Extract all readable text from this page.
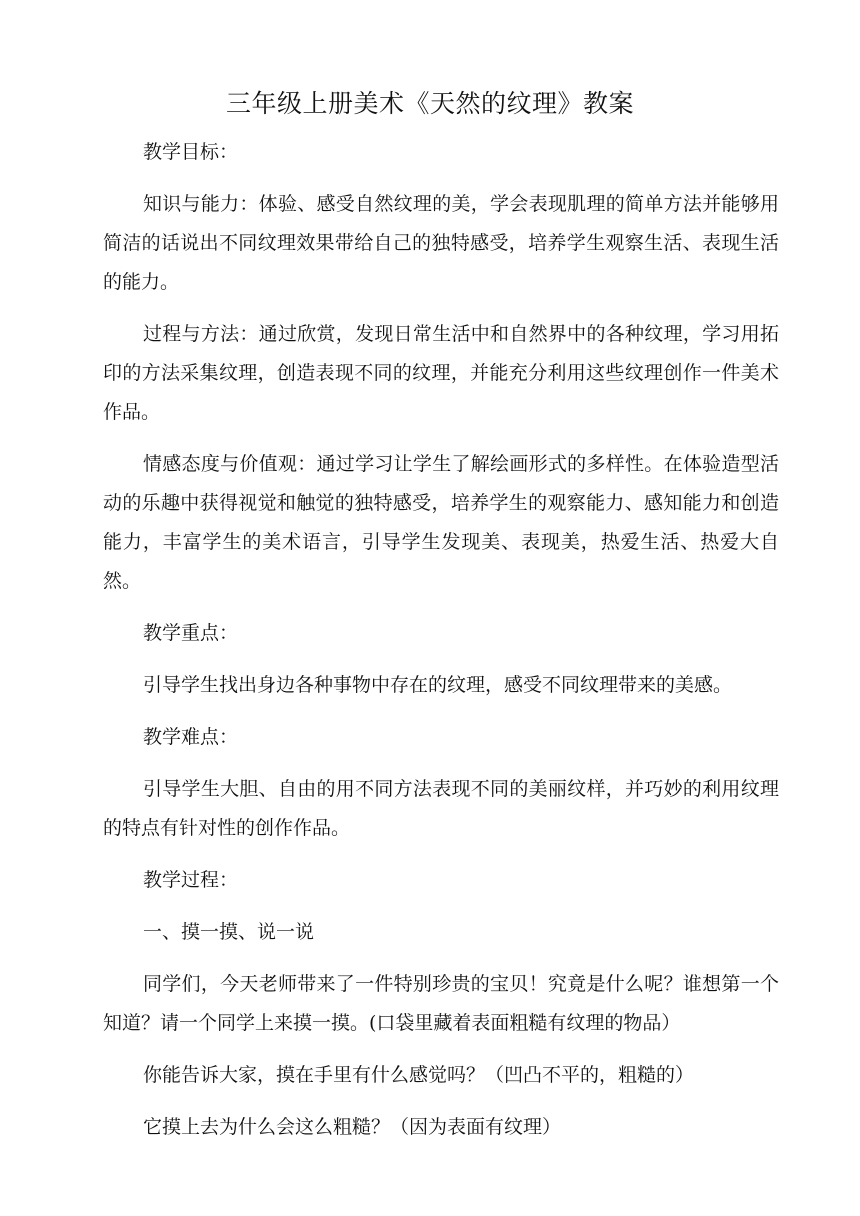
三年级上册美术《天然的纹理》教案

教学目标：

知识与能力：体验、感受自然纹理的美，学会表现肌理的简单方法并能够用简洁的话说出不同纹理效果带给自己的独特感受，培养学生观察生活、表现生活的能力。

过程与方法：通过欣赏，发现日常生活中和自然界中的各种纹理，学习用拓印的方法采集纹理，创造表现不同的纹理，并能充分利用这些纹理创作一件美术作品。

情感态度与价值观：通过学习让学生了解绘画形式的多样性。在体验造型活动的乐趣中获得视觉和触觉的独特感受，培养学生的观察能力、感知能力和创造能力，丰富学生的美术语言，引导学生发现美、表现美，热爱生活、热爱大自然。

教学重点：

引导学生找出身边各种事物中存在的纹理，感受不同纹理带来的美感。

教学难点：

引导学生大胆、自由的用不同方法表现不同的美丽纹样，并巧妙的利用纹理的特点有针对性的创作作品。

教学过程：

一、摸一摸、说一说

同学们，今天老师带来了一件特别珍贵的宝贝！究竟是什么呢？谁想第一个知道？请一个同学上来摸一摸。(口袋里藏着表面粗糙有纹理的物品）

你能告诉大家，摸在手里有什么感觉吗？（凹凸不平的，粗糙的）

它摸上去为什么会这么粗糙？（因为表面有纹理）
